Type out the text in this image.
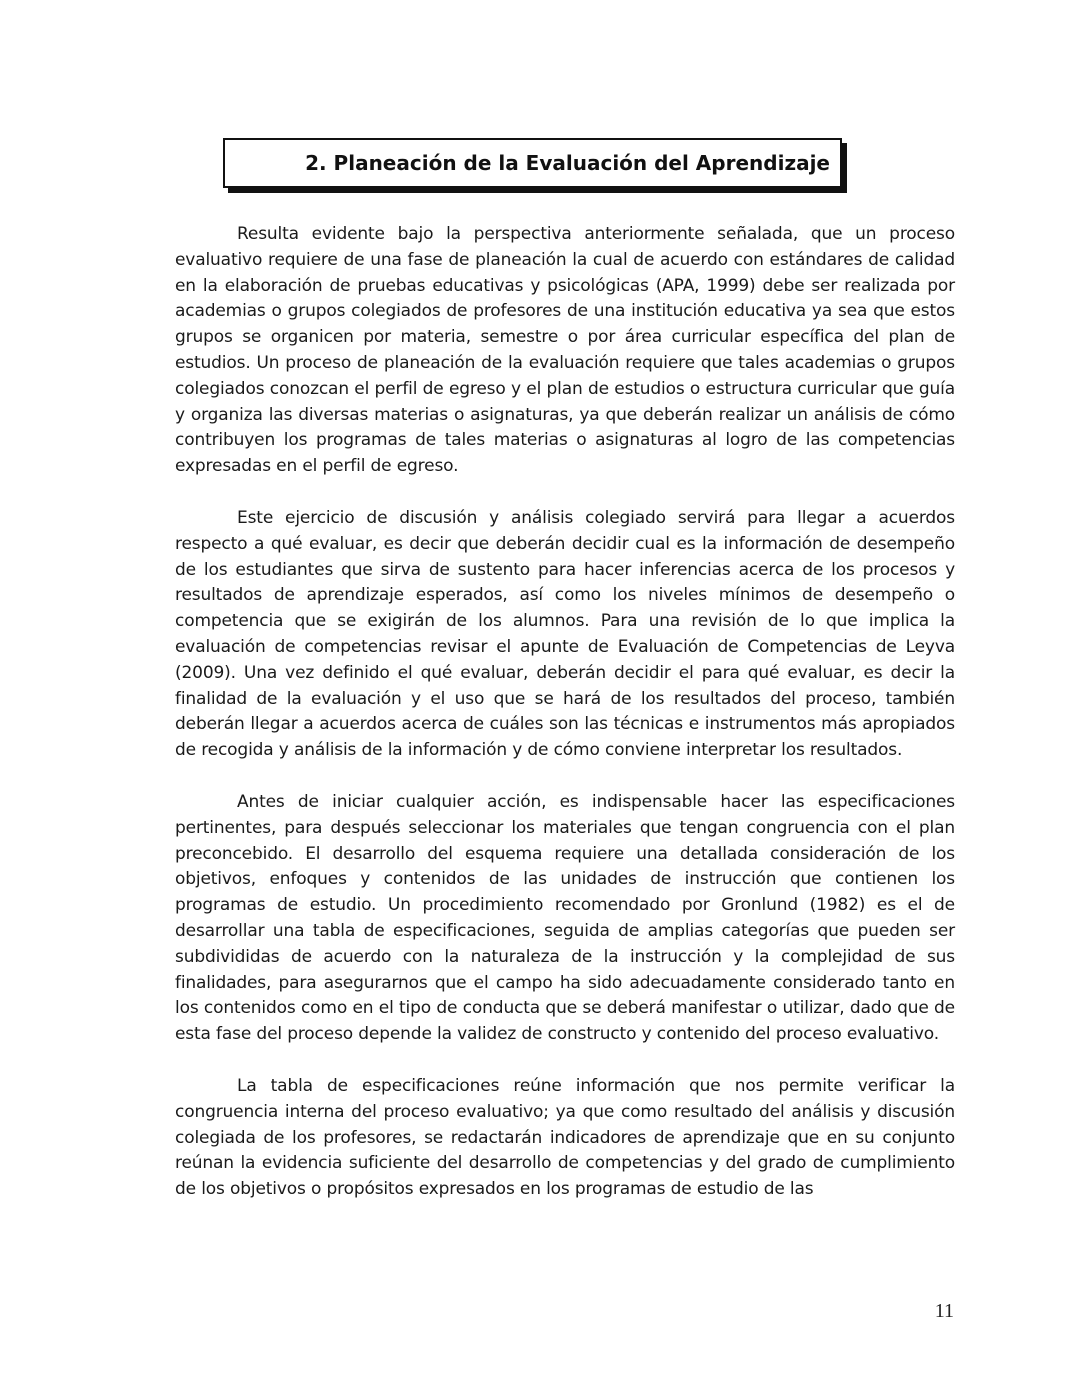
2. Planeación de la Evaluación del Aprendizaje

Resulta evidente bajo la perspectiva anteriormente señalada, que un proceso evaluativo requiere de una fase de planeación la cual de acuerdo con estándares de calidad en la elaboración de pruebas educativas y psicológicas (APA, 1999) debe ser realizada por academias o grupos colegiados de profesores de una institución educativa ya sea que estos grupos se organicen por materia, semestre o por área curricular específica del plan de estudios. Un proceso de planeación de la evaluación requiere que tales academias o grupos colegiados conozcan el perfil de egreso y el plan de estudios o estructura curricular que guía y organiza las diversas materias o asignaturas, ya que deberán realizar un análisis de cómo contribuyen los programas de tales materias o asignaturas al logro de las competencias expresadas en el perfil de egreso.

Este ejercicio de discusión y análisis colegiado servirá para llegar a acuerdos respecto a qué evaluar, es decir que deberán decidir cual es la información de desempeño de los estudiantes que sirva de sustento para hacer inferencias acerca de los procesos y resultados de aprendizaje esperados, así como los niveles mínimos de desempeño o competencia que se exigirán de los alumnos. Para una revisión de lo que implica la evaluación de competencias revisar el apunte de Evaluación de Competencias de Leyva (2009). Una vez definido el qué evaluar, deberán decidir el para qué evaluar, es decir la finalidad de la evaluación y el uso que se hará de los resultados del proceso, también deberán llegar a acuerdos acerca de cuáles son las técnicas e instrumentos más apropiados de recogida y análisis de la información y de cómo conviene interpretar los resultados.

Antes de iniciar cualquier acción, es indispensable hacer las especificaciones pertinentes, para después seleccionar los materiales que tengan congruencia con el plan preconcebido. El desarrollo del esquema requiere una detallada consideración de los objetivos, enfoques y contenidos de las unidades de instrucción que contienen los programas de estudio. Un procedimiento recomendado por Gronlund (1982) es el de desarrollar una tabla de especificaciones, seguida de amplias categorías que pueden ser subdivididas de acuerdo con la naturaleza de la instrucción y la complejidad de sus finalidades, para asegurarnos que el campo ha sido adecuadamente considerado tanto en los contenidos como en el tipo de conducta que se deberá manifestar o utilizar, dado que de esta fase del proceso depende la validez de constructo y contenido del proceso evaluativo.

La tabla de especificaciones reúne información que nos permite verificar la congruencia interna del proceso evaluativo; ya que como resultado del análisis y discusión colegiada de los profesores, se redactarán indicadores de aprendizaje que en su conjunto reúnan la evidencia suficiente del desarrollo de competencias y del grado de cumplimiento de los objetivos o propósitos expresados en los programas de estudio de las

11
